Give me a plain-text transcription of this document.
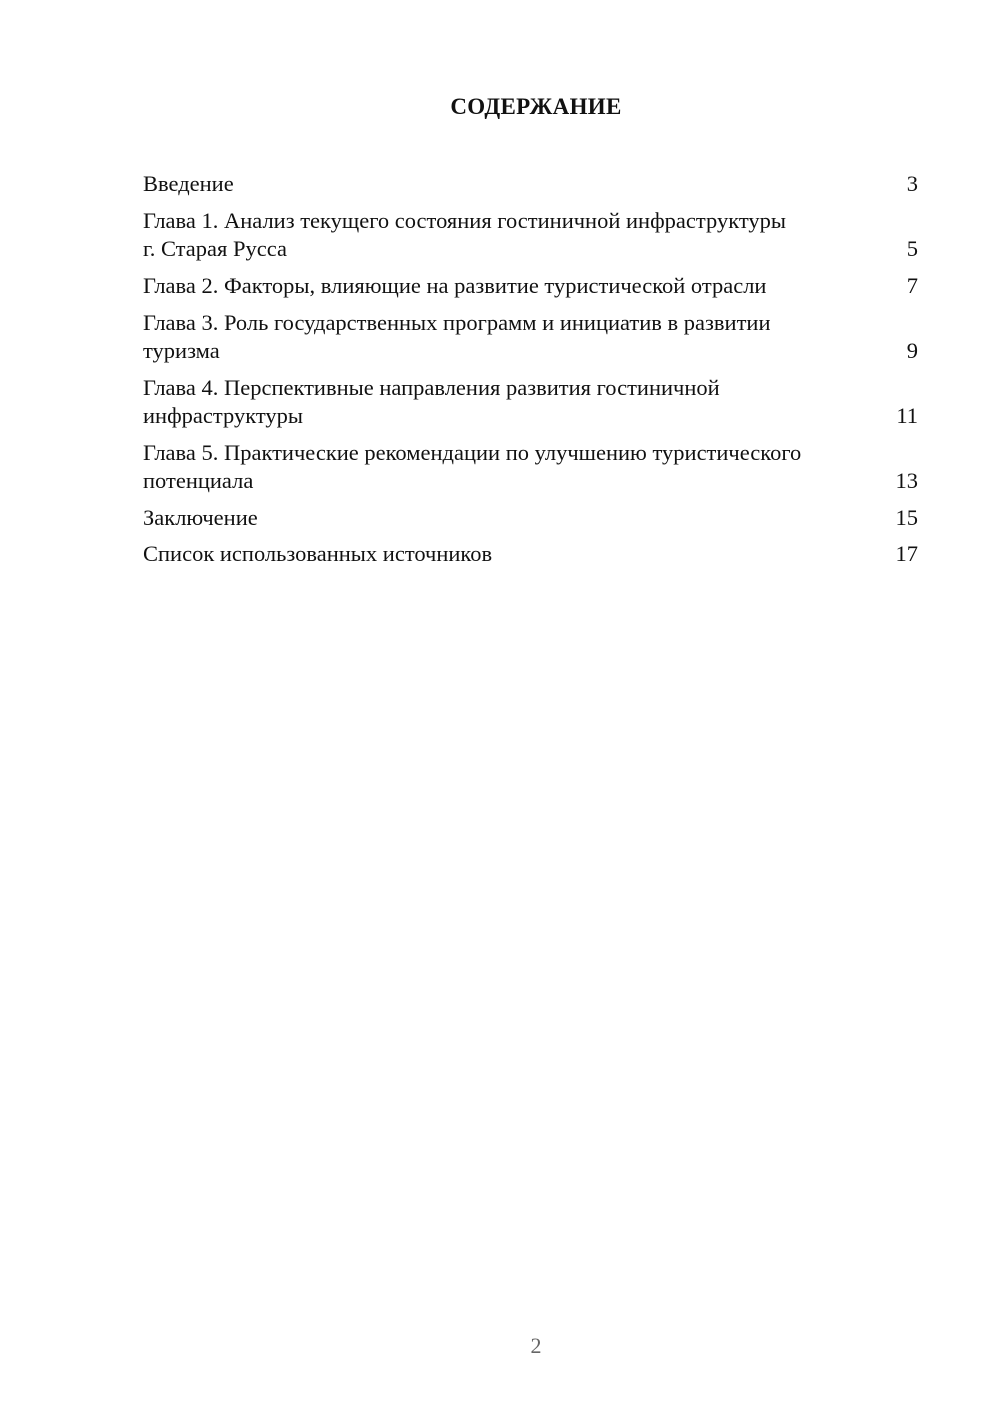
СОДЕРЖАНИЕ
Введение	3
Глава 1. Анализ текущего состояния гостиничной инфраструктуры г. Старая Русса	5
Глава 2. Факторы, влияющие на развитие туристической отрасли	7
Глава 3. Роль государственных программ и инициатив в развитии туризма	9
Глава 4. Перспективные направления развития гостиничной инфраструктуры	11
Глава 5. Практические рекомендации по улучшению туристического потенциала	13
Заключение	15
Список использованных источников	17
2
